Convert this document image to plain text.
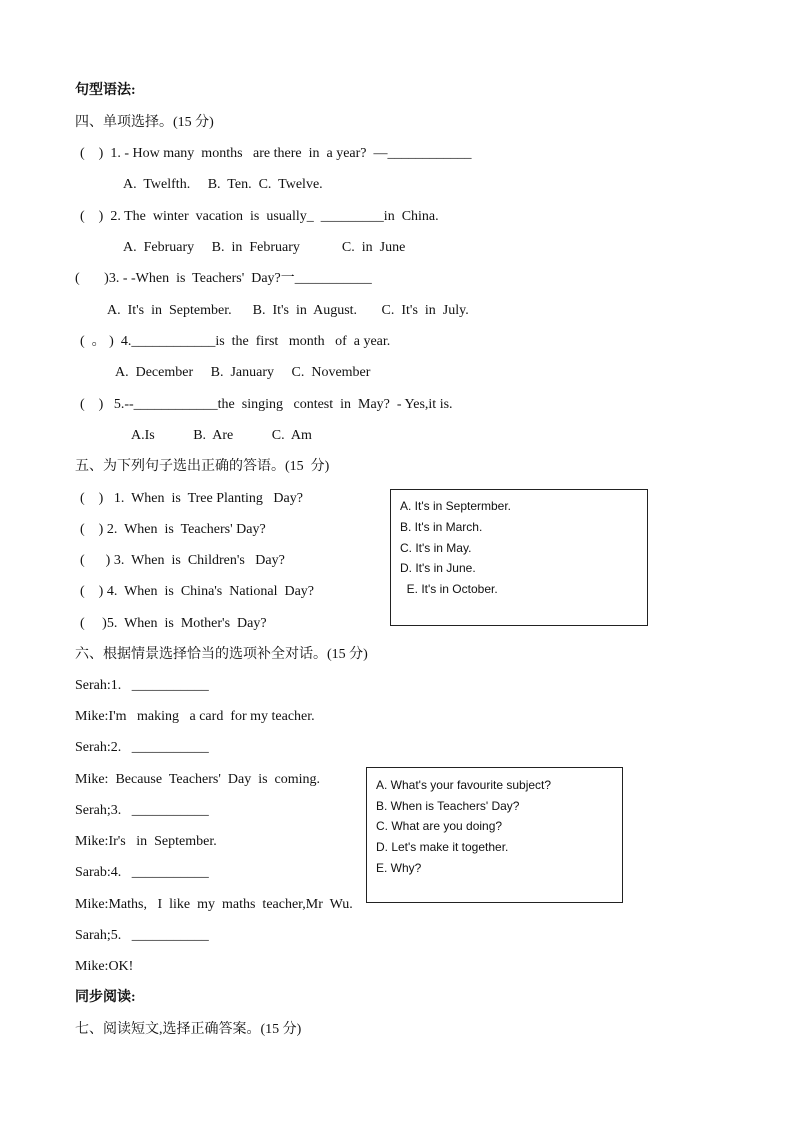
句型语法:
四、单项选择。(15 分)
(    )  1. - How many  months   are there  in  a year?  —____________
A.  Twelfth.     B.  Ten.  C.  Twelve.
(    )  2. The  winter  vacation  is  usually_  _________in  China.
A.  February     B.  in  February            C.  in  June
(       )3. - -When  is  Teachers'  Day?一___________
A.  It's  in  September.      B.  It's  in  August.       C.  It's  in  July.
(  。 )  4.____________is  the  first   month   of  a year.
A.  December     B.  January     C.  November
(    )   5.--____________the  singing   contest  in  May?  - Yes,it is.
A.Is           B.  Are           C.  Am
五、为下列句子选出正确的答语。(15  分)
(    )   1.  When  is  Tree Planting   Day?
(    ) 2.  When  is  Teachers' Day?
(      ) 3.  When  is  Children's   Day?
(    ) 4.  When  is  China's  National  Day?
(     )5.  When  is  Mother's  Day?
A. It's in Septermber.
B. It's in March.
C. It's in May.
D. It's in June.
E. It's in October.
六、根据情景选择恰当的选项补全对话。(15 分)
Serah:1.   ___________
Mike:I'm   making   a card  for my teacher.
Serah:2.   ___________
Mike:  Because  Teachers'  Day  is  coming.
Serah;3.   ___________
Mike:Ir's   in  September.
Sarab:4.   ___________
Mike:Maths,   I  like  my  maths  teacher,Mr  Wu.
Sarah;5.   ___________
Mike:OK!
A. What's your favourite subject?
B. When is Teachers' Day?
C. What are you doing?
D. Let's make it together.
E. Why?
同步阅读:
七、阅读短文,选择正确答案。(15 分)
